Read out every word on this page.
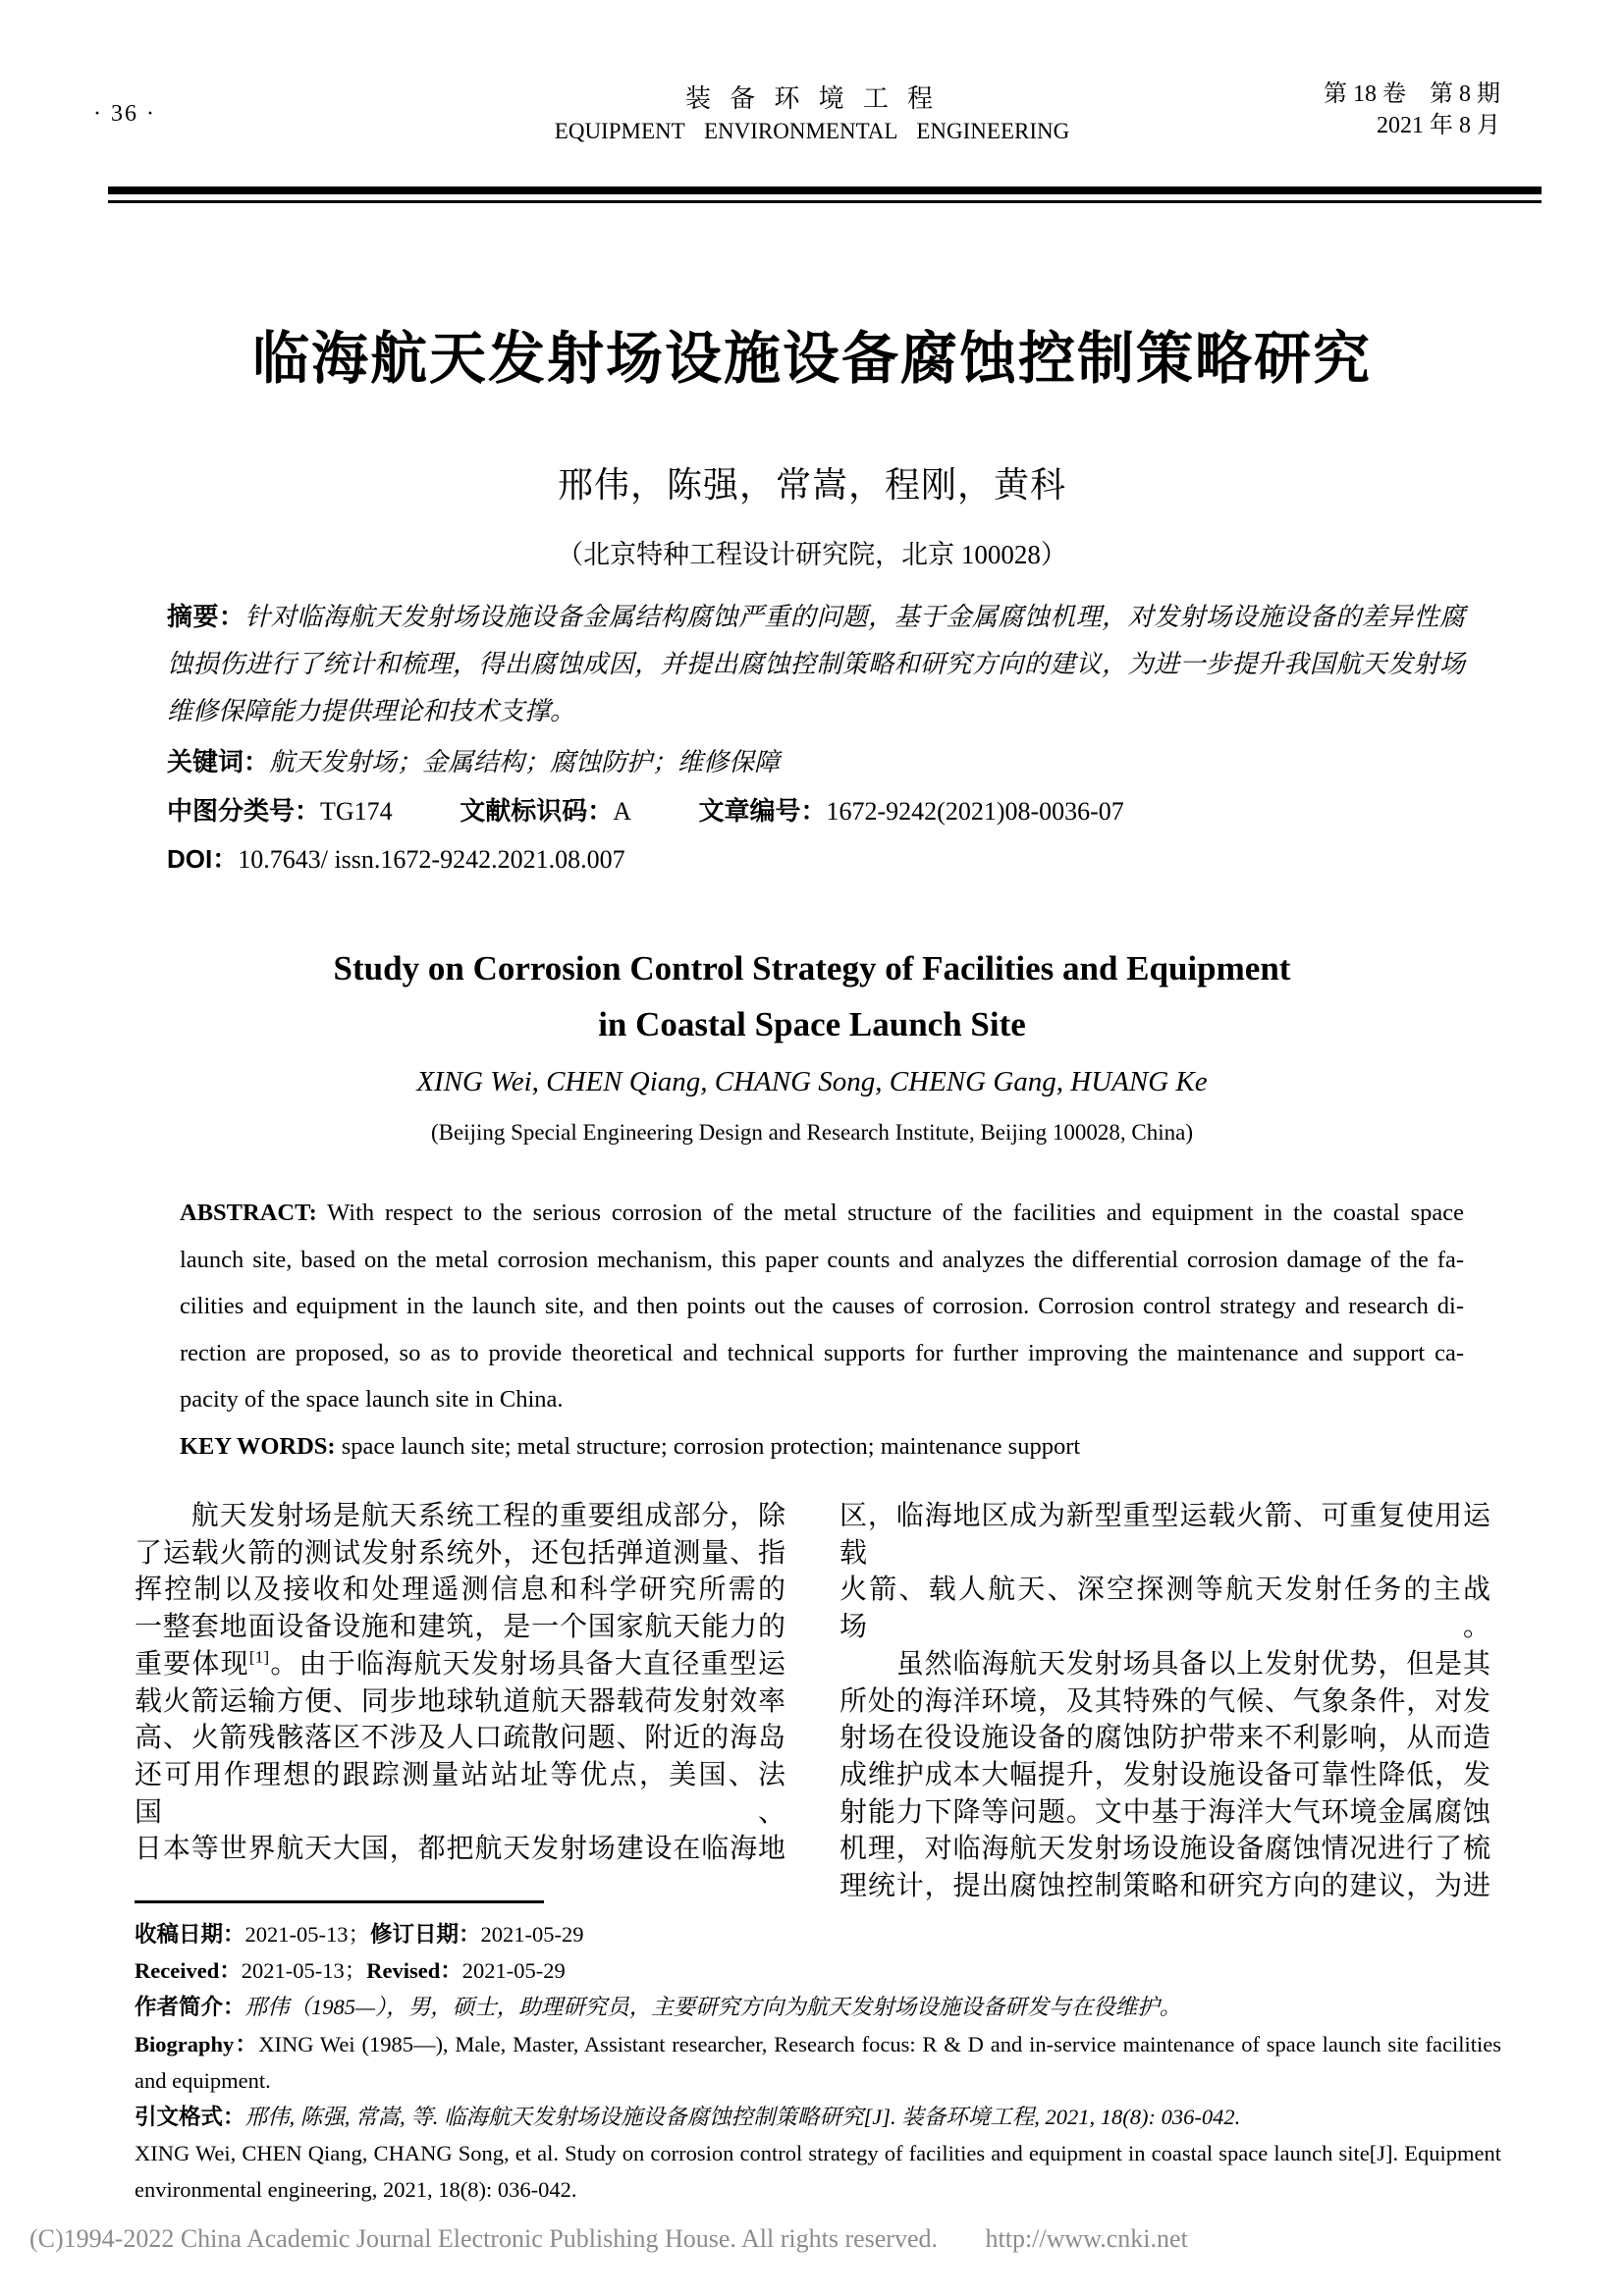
· 36 ·
装 备 环 境 工 程
EQUIPMENT ENVIRONMENTAL ENGINEERING
第 18 卷　第 8 期
2021 年 8 月
临海航天发射场设施设备腐蚀控制策略研究
邢伟，陈强，常嵩，程刚，黄科
（北京特种工程设计研究院，北京 100028）
摘要：针对临海航天发射场设施设备金属结构腐蚀严重的问题，基于金属腐蚀机理，对发射场设施设备的差异性腐蚀损伤进行了统计和梳理，得出腐蚀成因，并提出腐蚀控制策略和研究方向的建议，为进一步提升我国航天发射场维修保障能力提供理论和技术支撑。
关键词：航天发射场；金属结构；腐蚀防护；维修保障
中图分类号：TG174	文献标识码：A	文章编号：1672-9242(2021)08-0036-07
DOI：10.7643/ issn.1672-9242.2021.08.007
Study on Corrosion Control Strategy of Facilities and Equipment
in Coastal Space Launch Site
XING Wei, CHEN Qiang, CHANG Song, CHENG Gang, HUANG Ke
(Beijing Special Engineering Design and Research Institute, Beijing 100028, China)
ABSTRACT: With respect to the serious corrosion of the metal structure of the facilities and equipment in the coastal space
launch site, based on the metal corrosion mechanism, this paper counts and analyzes the differential corrosion damage of the fa-
cilities and equipment in the launch site, and then points out the causes of corrosion. Corrosion control strategy and research di-
rection are proposed, so as to provide theoretical and technical supports for further improving the maintenance and support ca-
pacity of the space launch site in China.
KEY WORDS: space launch site; metal structure; corrosion protection; maintenance support
　　航天发射场是航天系统工程的重要组成部分，除
了运载火箭的测试发射系统外，还包括弹道测量、指
挥控制以及接收和处理遥测信息和科学研究所需的
一整套地面设备设施和建筑，是一个国家航天能力的
重要体现[1]。由于临海航天发射场具备大直径重型运
载火箭运输方便、同步地球轨道航天器载荷发射效率
高、火箭残骸落区不涉及人口疏散问题、附近的海岛
还可用作理想的跟踪测量站站址等优点，美国、法国、
日本等世界航天大国，都把航天发射场建设在临海地
区，临海地区成为新型重型运载火箭、可重复使用运载
火箭、载人航天、深空探测等航天发射任务的主战场。
　　虽然临海航天发射场具备以上发射优势，但是其
所处的海洋环境，及其特殊的气候、气象条件，对发
射场在役设施设备的腐蚀防护带来不利影响，从而造
成维护成本大幅提升，发射设施设备可靠性降低，发
射能力下降等问题。文中基于海洋大气环境金属腐蚀
机理，对临海航天发射场设施设备腐蚀情况进行了梳
理统计，提出腐蚀控制策略和研究方向的建议，为进
收稿日期：2021-05-13；修订日期：2021-05-29
Received：2021-05-13；Revised：2021-05-29
作者简介：邢伟（1985—），男，硕士，助理研究员，主要研究方向为航天发射场设施设备研发与在役维护。
Biography：XING Wei (1985—), Male, Master, Assistant researcher, Research focus: R & D and in-service maintenance of space launch site facilities and equipment.
引文格式：邢伟, 陈强, 常嵩, 等. 临海航天发射场设施设备腐蚀控制策略研究[J]. 装备环境工程, 2021, 18(8): 036-042.
XING Wei, CHEN Qiang, CHANG Song, et al. Study on corrosion control strategy of facilities and equipment in coastal space launch site[J]. Equipment environmental engineering, 2021, 18(8): 036-042.
(C)1994-2022 China Academic Journal Electronic Publishing House. All rights reserved. http://www.cnki.net
